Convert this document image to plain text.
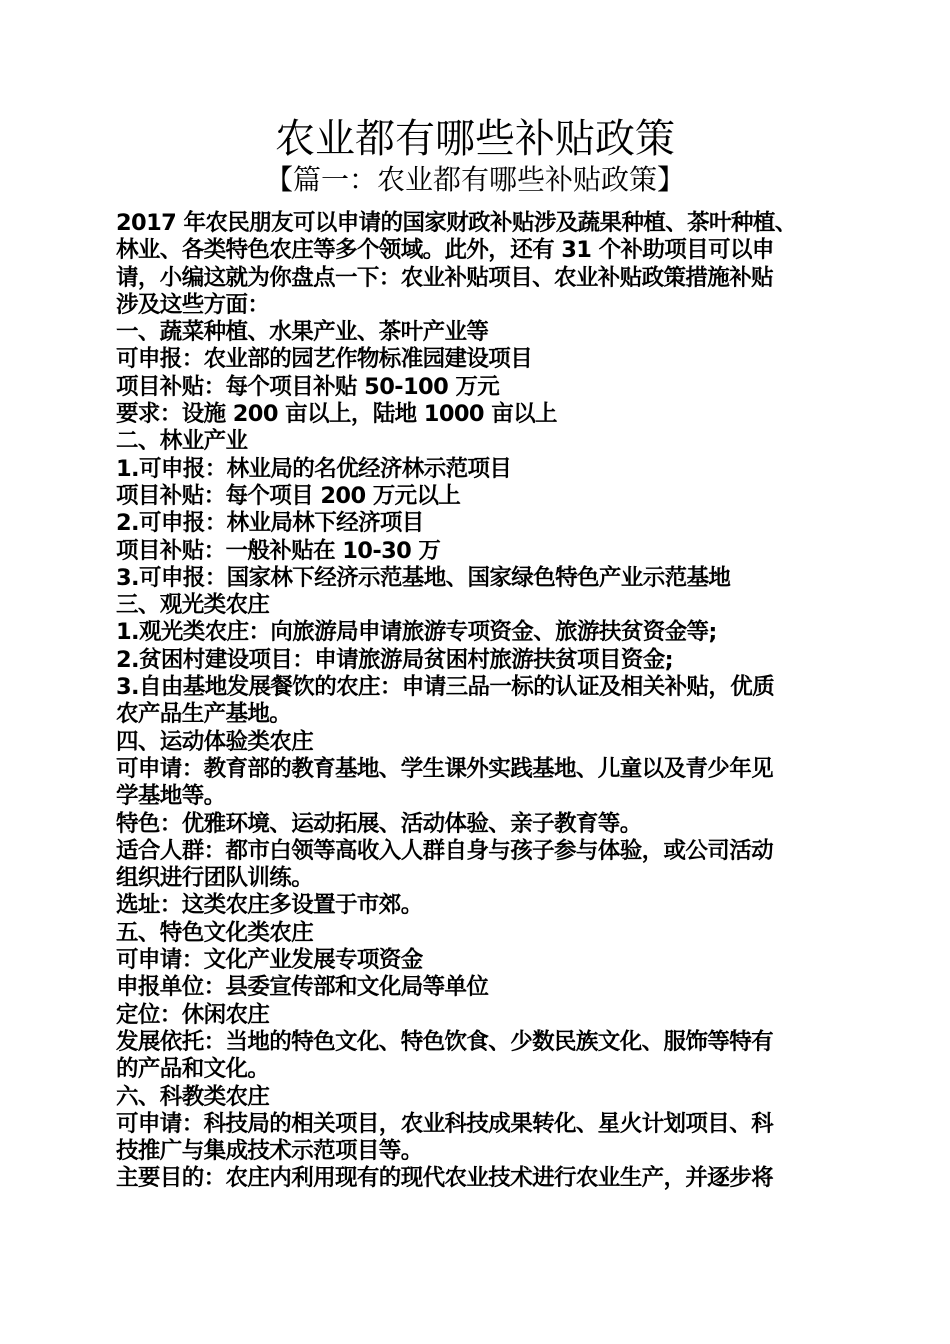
农业都有哪些补贴政策
【篇一：农业都有哪些补贴政策】
2017 年农民朋友可以申请的国家财政补贴涉及蔬果种植、茶叶种植、
林业、各类特色农庄等多个领域。此外，还有 31 个补助项目可以申
请，小编这就为你盘点一下：农业补贴项目、农业补贴政策措施补贴
涉及这些方面：
一、蔬菜种植、水果产业、茶叶产业等
可申报：农业部的园艺作物标准园建设项目
项目补贴：每个项目补贴 50-100 万元
要求：设施 200 亩以上，陆地 1000 亩以上
二、林业产业
1.可申报：林业局的名优经济林示范项目
项目补贴：每个项目 200 万元以上
2.可申报：林业局林下经济项目
项目补贴：一般补贴在 10-30 万
3.可申报：国家林下经济示范基地、国家绿色特色产业示范基地
三、观光类农庄
1.观光类农庄：向旅游局申请旅游专项资金、旅游扶贫资金等;
2.贫困村建设项目：申请旅游局贫困村旅游扶贫项目资金;
3.自由基地发展餐饮的农庄：申请三品一标的认证及相关补贴，优质
农产品生产基地。
四、运动体验类农庄
可申请：教育部的教育基地、学生课外实践基地、儿童以及青少年见
学基地等。
特色：优雅环境、运动拓展、活动体验、亲子教育等。
适合人群：都市白领等高收入人群自身与孩子参与体验，或公司活动
组织进行团队训练。
选址：这类农庄多设置于市郊。
五、特色文化类农庄
可申请：文化产业发展专项资金
申报单位：县委宣传部和文化局等单位
定位：休闲农庄
发展依托：当地的特色文化、特色饮食、少数民族文化、服饰等特有
的产品和文化。
六、科教类农庄
可申请：科技局的相关项目，农业科技成果转化、星火计划项目、科
技推广与集成技术示范项目等。
主要目的：农庄内利用现有的现代农业技术进行农业生产，并逐步将
